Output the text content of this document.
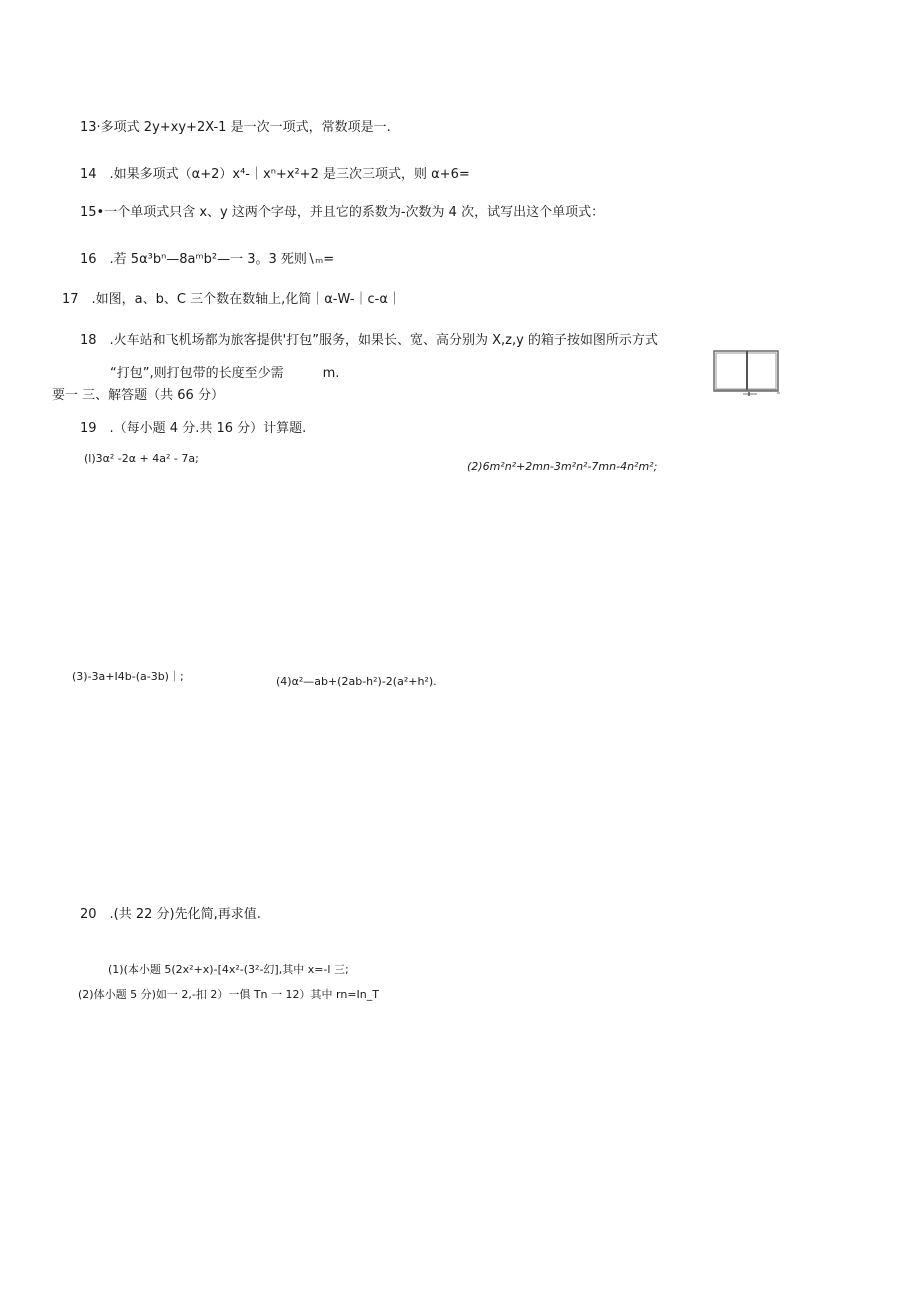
13·多项式 2y+xy+2X-1 是一次一项式，常数项是一.
14　.如果多项式（α+2）x⁴-｜xⁿ+x²+2 是三次三项式，则 α+6=
15•一个单项式只含 x、y 这两个字母，并且它的系数为-次数为 4 次，试写出这个单项式：
16　.若 5α³bⁿ—8aᵐb²—一 3。3 死则∖ₘ=
17　.如图，a、b、C 三个数在数轴上,化简｜α-W-｜c-α｜
18　.火车站和飞机场都为旅客提供'打包”服务，如果长、宽、高分别为 X,z,y 的箱子按如图所示方式
“打包”,则打包带的长度至少需　　　m.
要一 三、解答题（共 66 分）
19　.（每小题 4 分.共 16 分）计算题.
(l)3α² -2α + 4a² - 7a;
(2)6m²n²+2mn-3m²n²-7mn-4n²m²;
(3)-3a+I4b-(a-3b)｜;	(4)α²—ab+(2ab-h²)-2(a²+h²).
20　.(共 22 分)先化简,再求值.
(1)(本小题 5(2x²+x)-[4x²-(3²-幻],其中 x=-l 三;
(2)体小题 5 分)如一 2,-扣 2）一俱 Tn 一 12）其中 rn=In_T
